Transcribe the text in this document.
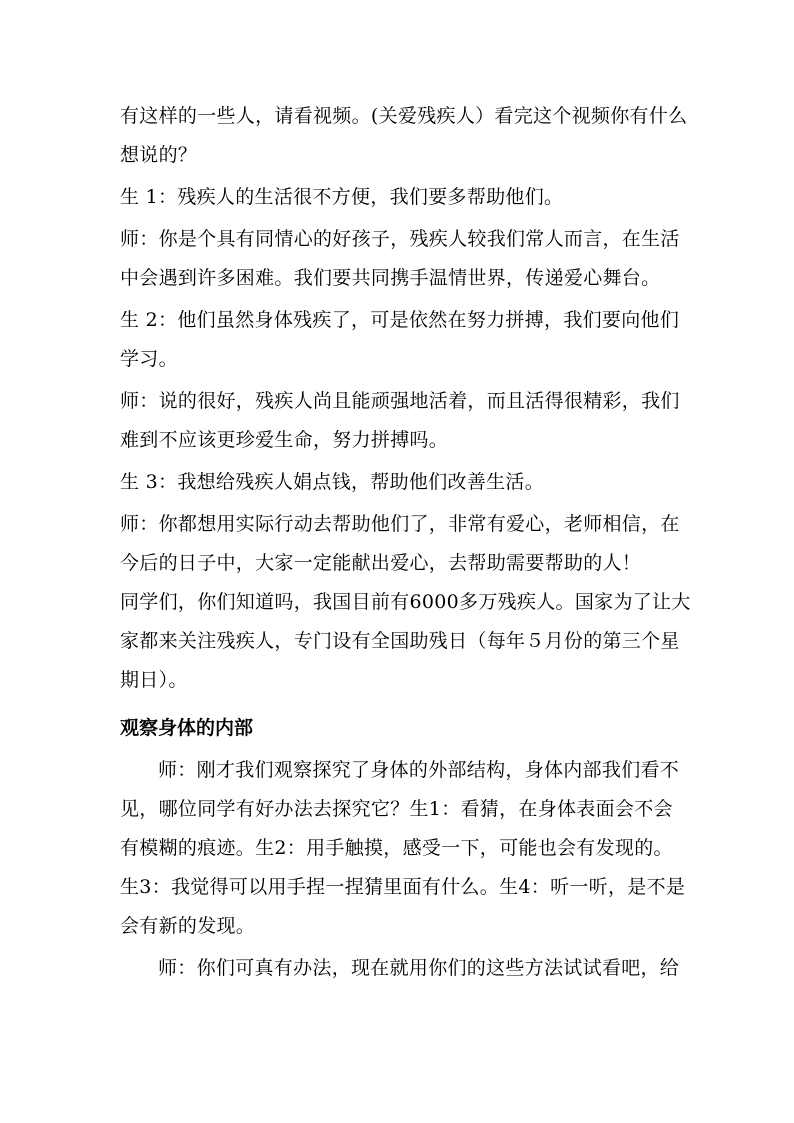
有这样的一些人，请看视频。(关爱残疾人）看完这个视频你有什么
想说的？
生 1：残疾人的生活很不方便，我们要多帮助他们。
师：你是个具有同情心的好孩子，残疾人较我们常人而言，在生活
中会遇到许多困难。我们要共同携手温情世界，传递爱心舞台。
生 2：他们虽然身体残疾了，可是依然在努力拼搏，我们要向他们
学习。
师：说的很好，残疾人尚且能顽强地活着，而且活得很精彩，我们
难到不应该更珍爱生命，努力拼搏吗。
生 3：我想给残疾人娟点钱，帮助他们改善生活。
师：你都想用实际行动去帮助他们了，非常有爱心，老师相信，在
今后的日子中，大家一定能献出爱心，去帮助需要帮助的人！
同学们，你们知道吗，我国目前有6000多万残疾人。国家为了让大
家都来关注残疾人，专门设有全国助残日（每年５月份的第三个星
期日）。
观察身体的内部
师：刚才我们观察探究了身体的外部结构，身体内部我们看不
见，哪位同学有好办法去探究它？生1：看猜，在身体表面会不会
有模糊的痕迹。生2：用手触摸，感受一下，可能也会有发现的。
生3：我觉得可以用手捏一捏猜里面有什么。生4：听一听，是不是
会有新的发现。
师：你们可真有办法，现在就用你们的这些方法试试看吧，给
